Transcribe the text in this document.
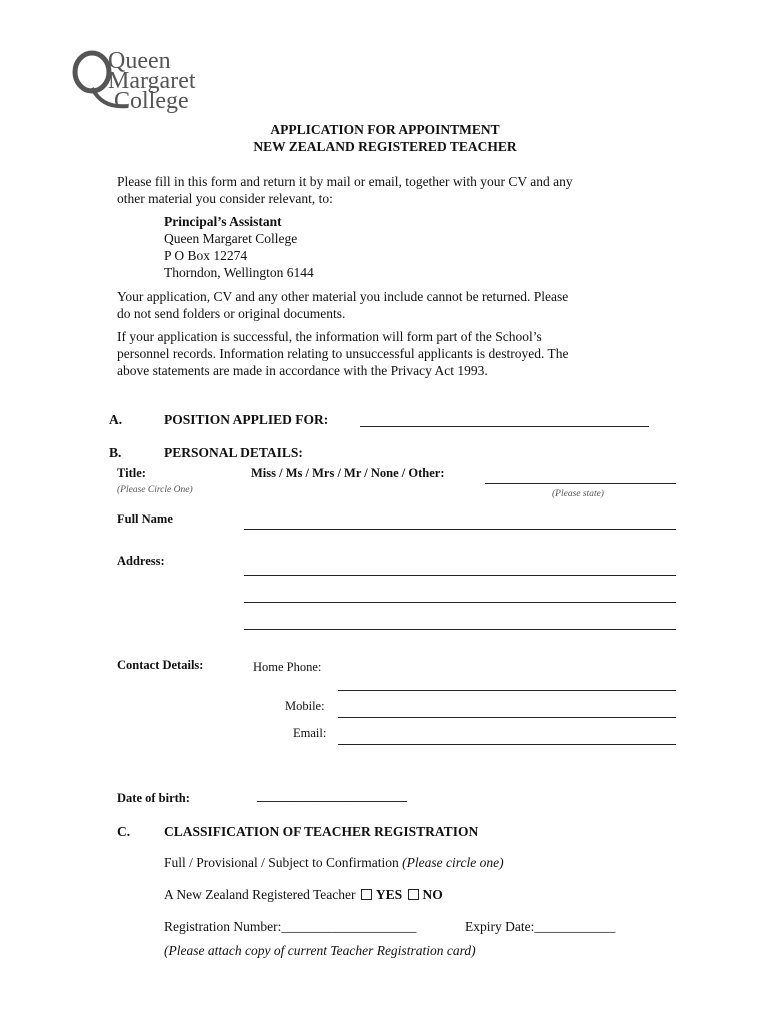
Queen
Margaret
College
APPLICATION FOR APPOINTMENT
NEW ZEALAND REGISTERED TEACHER
Please fill in this form and return it by mail or email, together with your CV and any
other material you consider relevant, to:
Principal’s Assistant
Queen Margaret College
P O Box 12274
Thorndon, Wellington 6144
Your application, CV and any other material you include cannot be returned. Please
do not send folders or original documents.
If your application is successful, the information will form part of the School’s
personnel records. Information relating to unsuccessful applicants is destroyed. The
above statements are made in accordance with the Privacy Act 1993.
A.	POSITION APPLIED FOR:
B.	PERSONAL DETAILS:
Title:	Miss / Ms / Mrs / Mr / None / Other:
(Please Circle One)	(Please state)
Full Name
Address:
Contact Details:	Home Phone:
Mobile:
Email:
Date of birth:	________________________
C.	CLASSIFICATION OF TEACHER REGISTRATION
Full / Provisional / Subject to Confirmation (Please circle one)
A New Zealand Registered Teacher YES NO
Registration Number:____________________	Expiry Date:____________
(Please attach copy of current Teacher Registration card)
